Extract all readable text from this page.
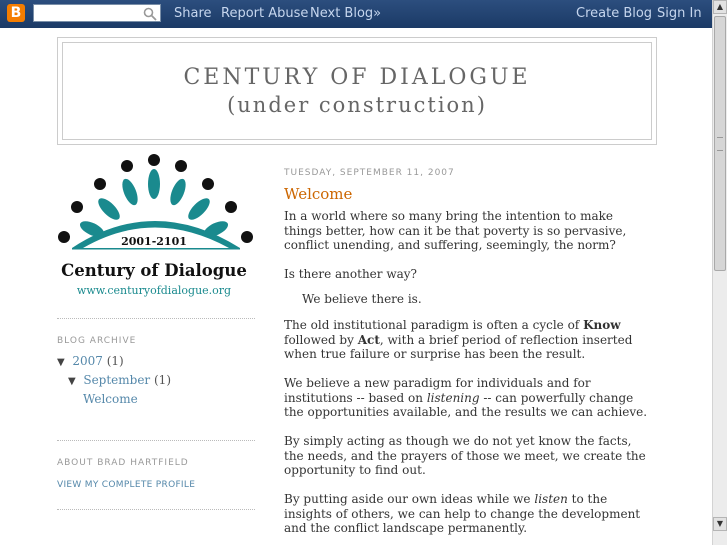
B	Share Report Abuse Next Blog»	Create Blog Sign In	▲
▼
CENTURY OF DIALOGUE
(under construction)
2001-2101
Century of Dialogue
www.centuryofdialogue.org
BLOG ARCHIVE
▼ 2007 (1)
▼ September (1)
Welcome
ABOUT BRAD HARTFIELD
VIEW MY COMPLETE PROFILE
TUESDAY, SEPTEMBER 11, 2007
Welcome
In a world where so many bring the intention to make things better, how can it be that poverty is so pervasive, conflict unending, and suffering, seemingly, the norm?
Is there another way?
We believe there is.
The old institutional paradigm is often a cycle of Know followed by Act, with a brief period of reflection inserted when true failure or surprise has been the result.
We believe a new paradigm for individuals and for institutions -- based on listening -- can powerfully change the opportunities available, and the results we can achieve.
By simply acting as though we do not yet know the facts, the needs, and the prayers of those we meet, we create the opportunity to find out.
By putting aside our own ideas while we listen to the insights of others, we can help to change the development and the conflict landscape permanently.
